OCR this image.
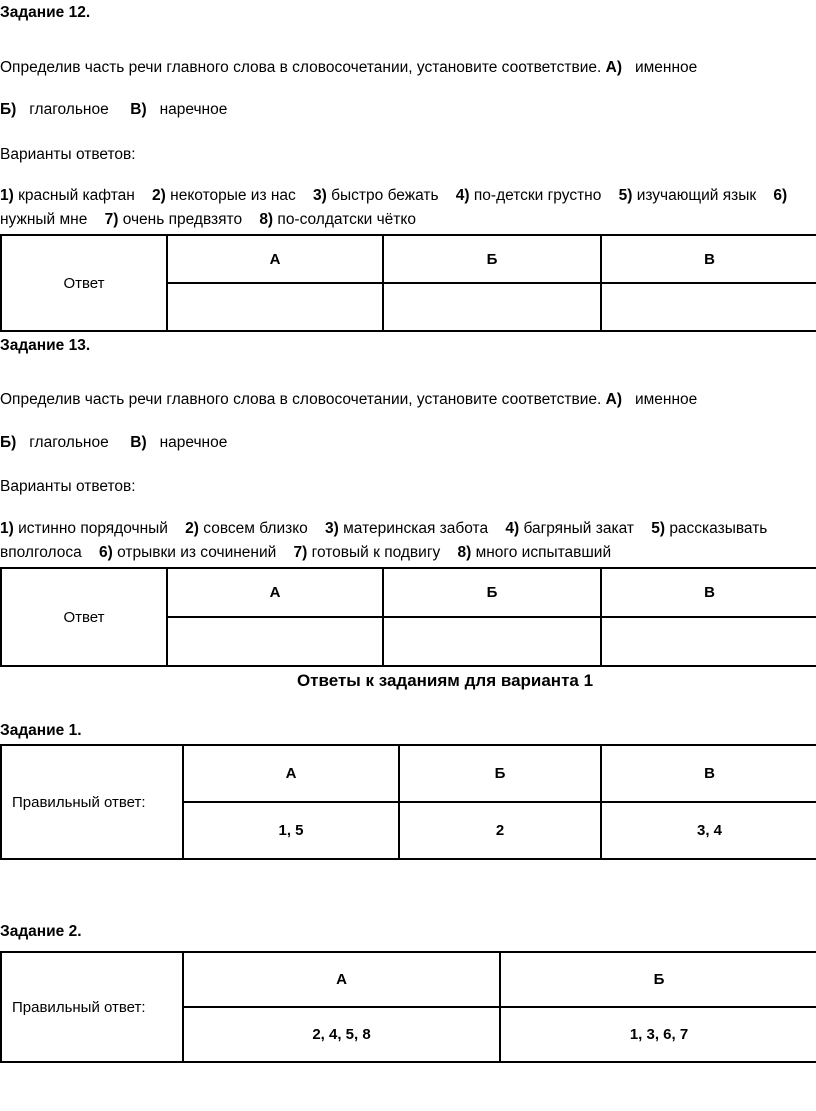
Задание 12.
Определив часть речи главного слова в словосочетании, установите соответствие. А) именное
Б) глагольное В) наречное
Варианты ответов:
1) красный кафтан 2) некоторые из нас 3) быстро бежать 4) по-детски грустно 5) изучающий язык 6)
нужный мне 7) очень предвзято 8) по-солдатски чётко
Ответ	А	Б	В

Задание 13.
Определив часть речи главного слова в словосочетании, установите соответствие. А) именное
Б) глагольное В) наречное
Варианты ответов:
1) истинно порядочный 2) совсем близко 3) материнская забота 4) багряный закат 5) рассказывать
вполголоса 6) отрывки из сочинений 7) готовый к подвигу 8) много испытавший
Ответ	А	Б	В

Ответы к заданиям для варианта 1
Задание 1.
Правильный ответ:	А	Б	В
	1, 5	2	3, 4
Задание 2.
Правильный ответ:	А	Б
	2, 4, 5, 8	1, 3, 6, 7
